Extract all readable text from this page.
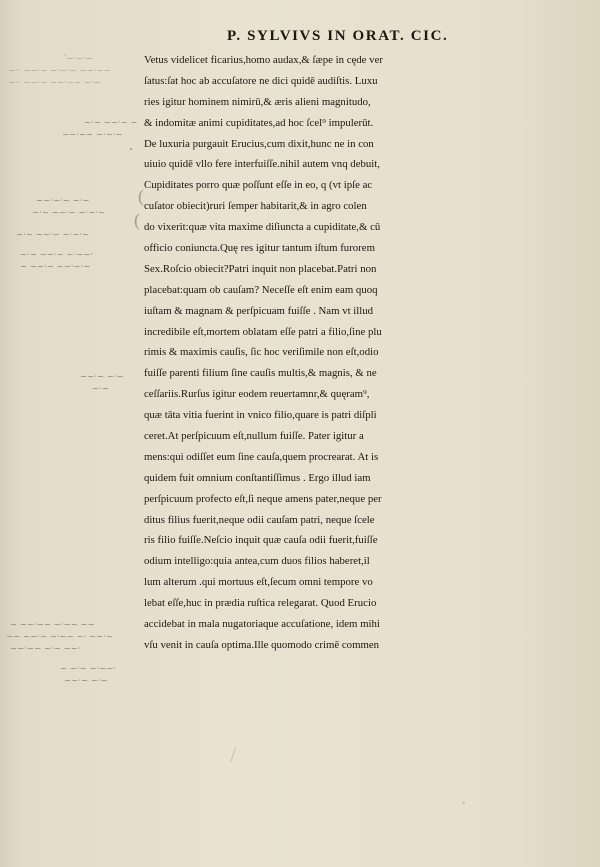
P. SYLVIVS IN ORAT. CIC.
Vetus videlicet ficarius,homo audax,& ſæpe in cęde ver
ſatus:ſat hoc ab accuſatore ne dici quidē audiſtis. Luxu
ries igitur hominem nimirū,& æris alieni magnitudo,
& indomitæ animi cupiditates,ad hoc ſcel⁹ impulerūt.
De luxuria purgauit Erucius,cum dixit,hunc ne in con
uiuio quidē vllo fere interfuiſſe.nihil autem vnq debuit,
Cupiditates porro quæ poſſunt eſſe in eo, q (vt ipſe ac
cuſator obiecit)ruri ſemper habitarit,& in agro colen
do vixerit:quæ vita maxime diſiuncta a cupiditate,& cū
officio coniuncta.Quę res igitur tantum iſtum furorem
Sex.Roſcio obiecit?Patri inquit non placebat.Patri non
placebat:quam ob cauſam? Neceſſe eſt enim eam quoq
iuſtam & magnam & perſpicuam fuiſſe . Nam vt illud
incredibile eſt,mortem oblatam eſſe patri a filio,ſine plu
rimis & maximis cauſis, ſic hoc veriſimile non eſt,odio
fuiſſe parenti filium ſine cauſis multis,& magnis, & ne
ceſſariis.Rurſus igitur eodem reuertamnr,& quęram⁹,
quæ tāta vitia fuerint in vnico filio,quare is patri diſpli
ceret.At perſpicuum eſt,nullum fuiſſe. Pater igitur a
mens:qui odiſſet eum ſine cauſa,quem procrearat. At is
quidem fuit omnium conſtantiſſimus . Ergo illud iam
perſpicuum profecto eſt,ſi neque amens pater,neque per
ditus filius fuerit,neque odii cauſam patri, neque ſcele
ris filio fuiſſe.Neſcio inquit quæ cauſa odii fuerit,fuiſſe
odium intelligo:quia antea,cum duos filios haberet,il
lum alterum .qui mortuus eſt,ſecum omni tempore vo
lebat eſſe,huc in prædia ruſtica relegarat. Quod Erucio
accidebat in mala nugatoriaque accuſatione, idem mihi
vſu venit in cauſa optima.Ille quomodo crimē commen
˜~·~·~
~·· ~~·~ ~·~·~ ~~·~~
~·· ~~·~ ~~·~~ ~·~
~·~ ~~·~ ~
~~·~~ ~·~·~
·
~~·~·~ ~·~
~·~ ~~·~ ~·~·~
~·~ ~~·~ ~·~·~
~·~ ~~·~ ~·~~·
~ ~~·~ ~~·~·~
(
(
~~·~ ~·~
~·~
~ ~~·~~ ~·~~ ~~
~~ ~~·~ ~·~~ ~· ~~·~
~~·~~ ~·~ ~~·
~ ~·~ ~·~~·
~~·~ ~·~
/
·
